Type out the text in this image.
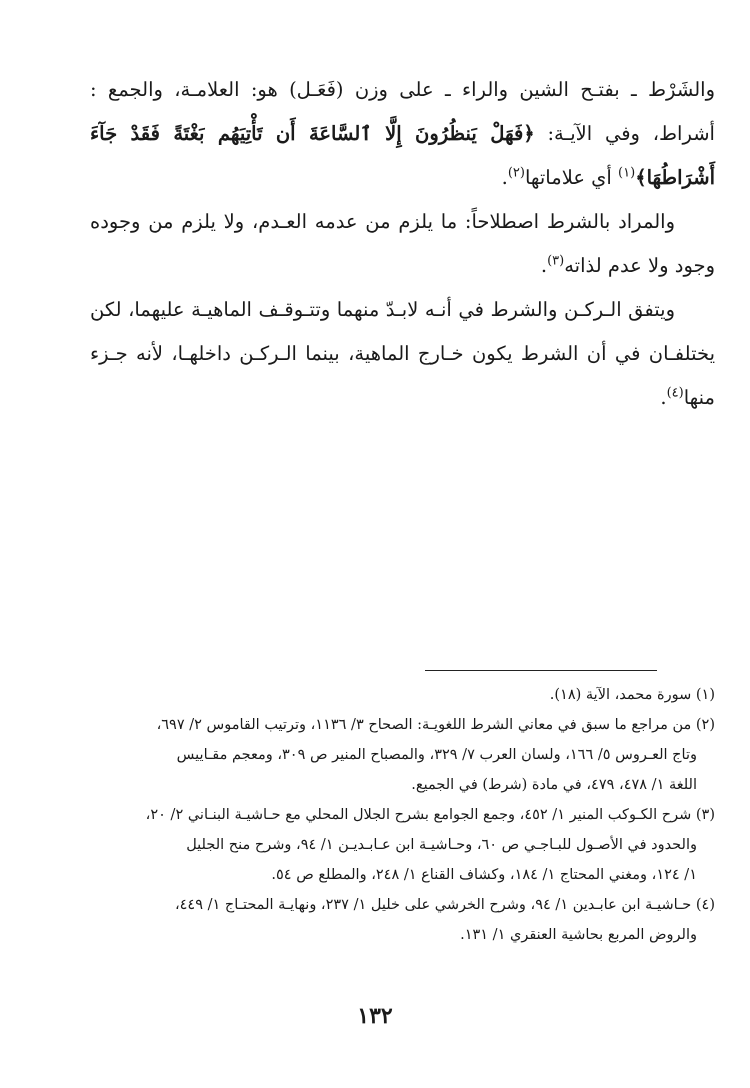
والشَرْط ـ بفتـح الشين والراء ـ على وزن (فَعَـل) هو: العلامـة، والجمع : أشراط، وفي الآيـة: ﴿فَهَلْ يَنظُرُونَ إِلَّا ٱلسَّاعَةَ أَن تَأْتِيَهُم بَغْتَةً فَقَدْ جَآءَ أَشْرَاطُهَا﴾$^{(١)}$ أي علاماتها$^{(٢)}$.

والمراد بالشرط اصطلاحاً: ما يلزم من عدمه العـدم، ولا يلزم من وجوده وجود ولا عدم لذاته$^{(٣)}$.

ويتفق الـركـن والشرط في أنـه لابـدّ منهما وتتـوقـف الماهيـة عليهما، لكن يختلفـان في أن الشرط يكون خـارج الماهية، بينما الـركـن داخلهـا، لأنه جـزء منها$^{(٤)}$.

(١) سورة محمد، الآية (١٨).

(٢) من مراجع ما سبق في معاني الشرط اللغويـة: الصحاح ٣/ ١١٣٦، وترتيب القاموس ٢/ ٦٩٧،

وتاج العـروس ٥/ ١٦٦، ولسان العرب ٧/ ٣٢٩، والمصباح المنير ص ٣٠٩، ومعجم مقـاييس

اللغة ١/ ٤٧٨، ٤٧٩، في مادة (شرط) في الجميع.

(٣) شرح الكـوكب المنير ١/ ٤٥٢، وجمع الجوامع بشرح الجلال المحلي مع حـاشيـة البنـاني ٢/ ٢٠،

والحدود في الأصـول للبـاجـي ص ٦٠، وحـاشيـة ابن عـابـديـن ١/ ٩٤، وشرح منح الجليل

١/ ١٢٤، ومغني المحتاج ١/ ١٨٤، وكشاف القناع ١/ ٢٤٨، والمطلع ص ٥٤.

(٤) حـاشيـة ابن عابـدين ١/ ٩٤، وشرح الخرشي على خليل ١/ ٢٣٧، ونهايـة المحتـاج ١/ ٤٤٩،

والروض المربع بحاشية العنقري ١/ ١٣١.

١٣٢
